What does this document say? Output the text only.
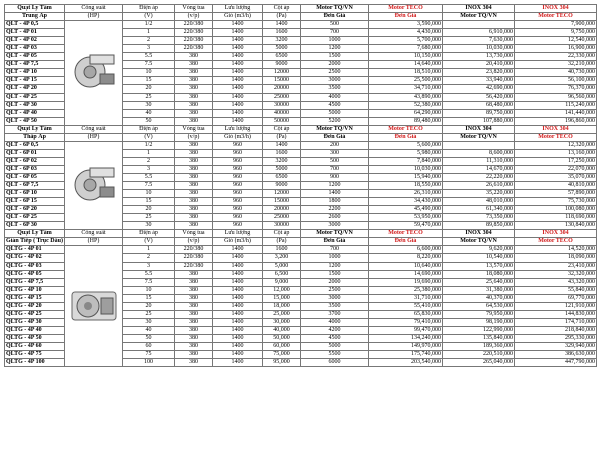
Quạt Ly Tâm	Công suất	Điện áp	Vòng tua	Lưu lượng	Cột áp	Motor TQ/VN	Motor TECO	INOX 304	INOX 304	
Trung Áp	(HP)	(V)	(v/p)	Gió (m3/h)	(Pa)	Đơn Giá	Đơn Giá	Motor TQ/VN	Motor TECO	
QLT - 4P 0,5		1/2	220/380	1400	1400	500	3,590,000		7,900,000	
QLT - 4P 01		1	220/380	1400	1600	700	4,430,000	6,910,000	9,750,000	
QLT - 4P 02		2	220/380	1400	3200	1000	5,700,000	7,630,000	12,540,000	
QLT - 4P 03		3	220/380	1400	5000	1200	7,680,000	10,030,000	16,900,000	
QLT - 4P 05		5.5	380	1400	6500	1500	10,150,000	13,730,000	22,330,000	
QLT - 4P 7,5		7.5	380	1400	9000	2000	14,640,000	20,410,000	32,210,000	
QLT - 4P 10		10	380	1400	12000	2500	18,510,000	23,820,000	40,730,000	
QLT - 4P 15		15	380	1400	15000	3000	25,500,000	33,940,000	56,100,000	
QLT - 4P 20		20	380	1400	20000	3500	34,710,000	42,690,000	76,370,000	
QLT - 4P 25		25	380	1400	25000	4000	43,890,000	56,420,000	96,560,000	
QLT - 4P 30		30	380	1400	30000	4500	52,380,000	68,480,000	115,240,000	
QLT - 4P 40		40	380	1400	40000	5000	64,290,000	89,750,000	141,440,000	
QLT - 4P 50		50	380	1400	50000	5200	89,480,000	107,880,000	196,860,000	
Quạt Ly Tâm	Công suất	Điện áp	Vòng tua	Lưu lượng	Cột áp	Motor TQ/VN	Motor TECO	INOX 304	INOX 304	
Thấp Áp	(HP)	(V)	(v/p)	Gió (m3/h)	(Pa)	Đơn Giá	Đơn Giá	Motor TQ/VN	Motor TECO	
QLT - 6P 0,5		1/2	380	960	1400	200	5,600,000		12,320,000	
QLT - 6P 01		1	380	960	1600	300	5,980,000	8,600,000	13,160,000	
QLT - 6P 02		2	380	960	3200	500	7,840,000	11,310,000	17,250,000	
QLT - 6P 03		3	380	960	5000	700	10,030,000	14,670,000	22,070,000	
QLT - 6P 05		5.5	380	960	6500	900	15,940,000	22,220,000	35,070,000	
QLT - 6P 7,5		7.5	380	960	9000	1200	18,550,000	26,610,000	40,810,000	
QLT - 6P 10		10	380	960	12000	1400	26,310,000	35,220,000	57,890,000	
QLT - 6P 15		15	380	960	15000	1800	34,430,000	48,010,000	75,730,000	
QLT - 6P 20		20	380	960	20000	2200	45,490,000	61,340,000	100,080,000	
QLT - 6P 25		25	380	960	25000	2600	53,950,000	73,350,000	118,690,000	
QLT - 6P 30		30	380	960	30000	3000	59,470,000	89,850,000	130,840,000	
Quạt Ly Tâm	Công suất	Điện áp	Vòng tua	Lưu lượng	Cột áp	Motor TQ/VN	Motor TECO	INOX 304	INOX 304	
Gián Tiếp ( Trục Dầu)	(HP)	(V)	(v/p)	Gió (m3/h)	(Pa)	Đơn Giá	Đơn Giá	Motor TQ/VN	Motor TECO	
QLTG - 4P 01		1	220/380	1400	1600	700	6,600,000	9,620,000	14,520,000	
QLTG - 4P 02		2	220/380	1400	3,200	1000	8,220,000	10,540,000	18,090,000	
QLTG - 4P 03		3	220/380	1400	5,000	1200	10,640,000	13,570,000	23,410,000	
QLTG - 4P 05		5.5	380	1400	6,500	1500	14,690,000	18,080,000	32,320,000	
QLTG - 4P 7,5		7.5	380	1400	9,000	2000	19,690,000	25,640,000	43,320,000	
QLTG - 4P 10		10	380	1400	12,000	2500	25,380,000	31,380,000	55,840,000	
QLTG - 4P 15		15	380	1400	15,000	3000	31,710,000	40,370,000	69,770,000	
QLTG - 4P 20		20	380	1400	18,000	3500	55,410,000	64,530,000	121,910,000	
QLTG - 4P 25		25	380	1400	25,000	3700	65,830,000	79,950,000	144,830,000	
QLTG - 4P 30		30	380	1400	30,000	4000	79,410,000	98,190,000	174,710,000	
QLTG - 4P 40		40	380	1400	40,000	4200	99,470,000	122,990,000	218,840,000	
QLTG - 4P 50		50	380	1400	50,000	4500	134,240,000	135,840,000	295,330,000	
QLTG - 4P 60		60	380	1400	60,000	5000	149,970,000	189,360,000	329,940,000	
QLTG - 4P 75		75	380	1400	75,000	5500	175,740,000	220,510,000	386,630,000	
QLTG - 4P 100		100	380	1400	95,000	6000	203,540,000	265,040,000	447,790,000	
